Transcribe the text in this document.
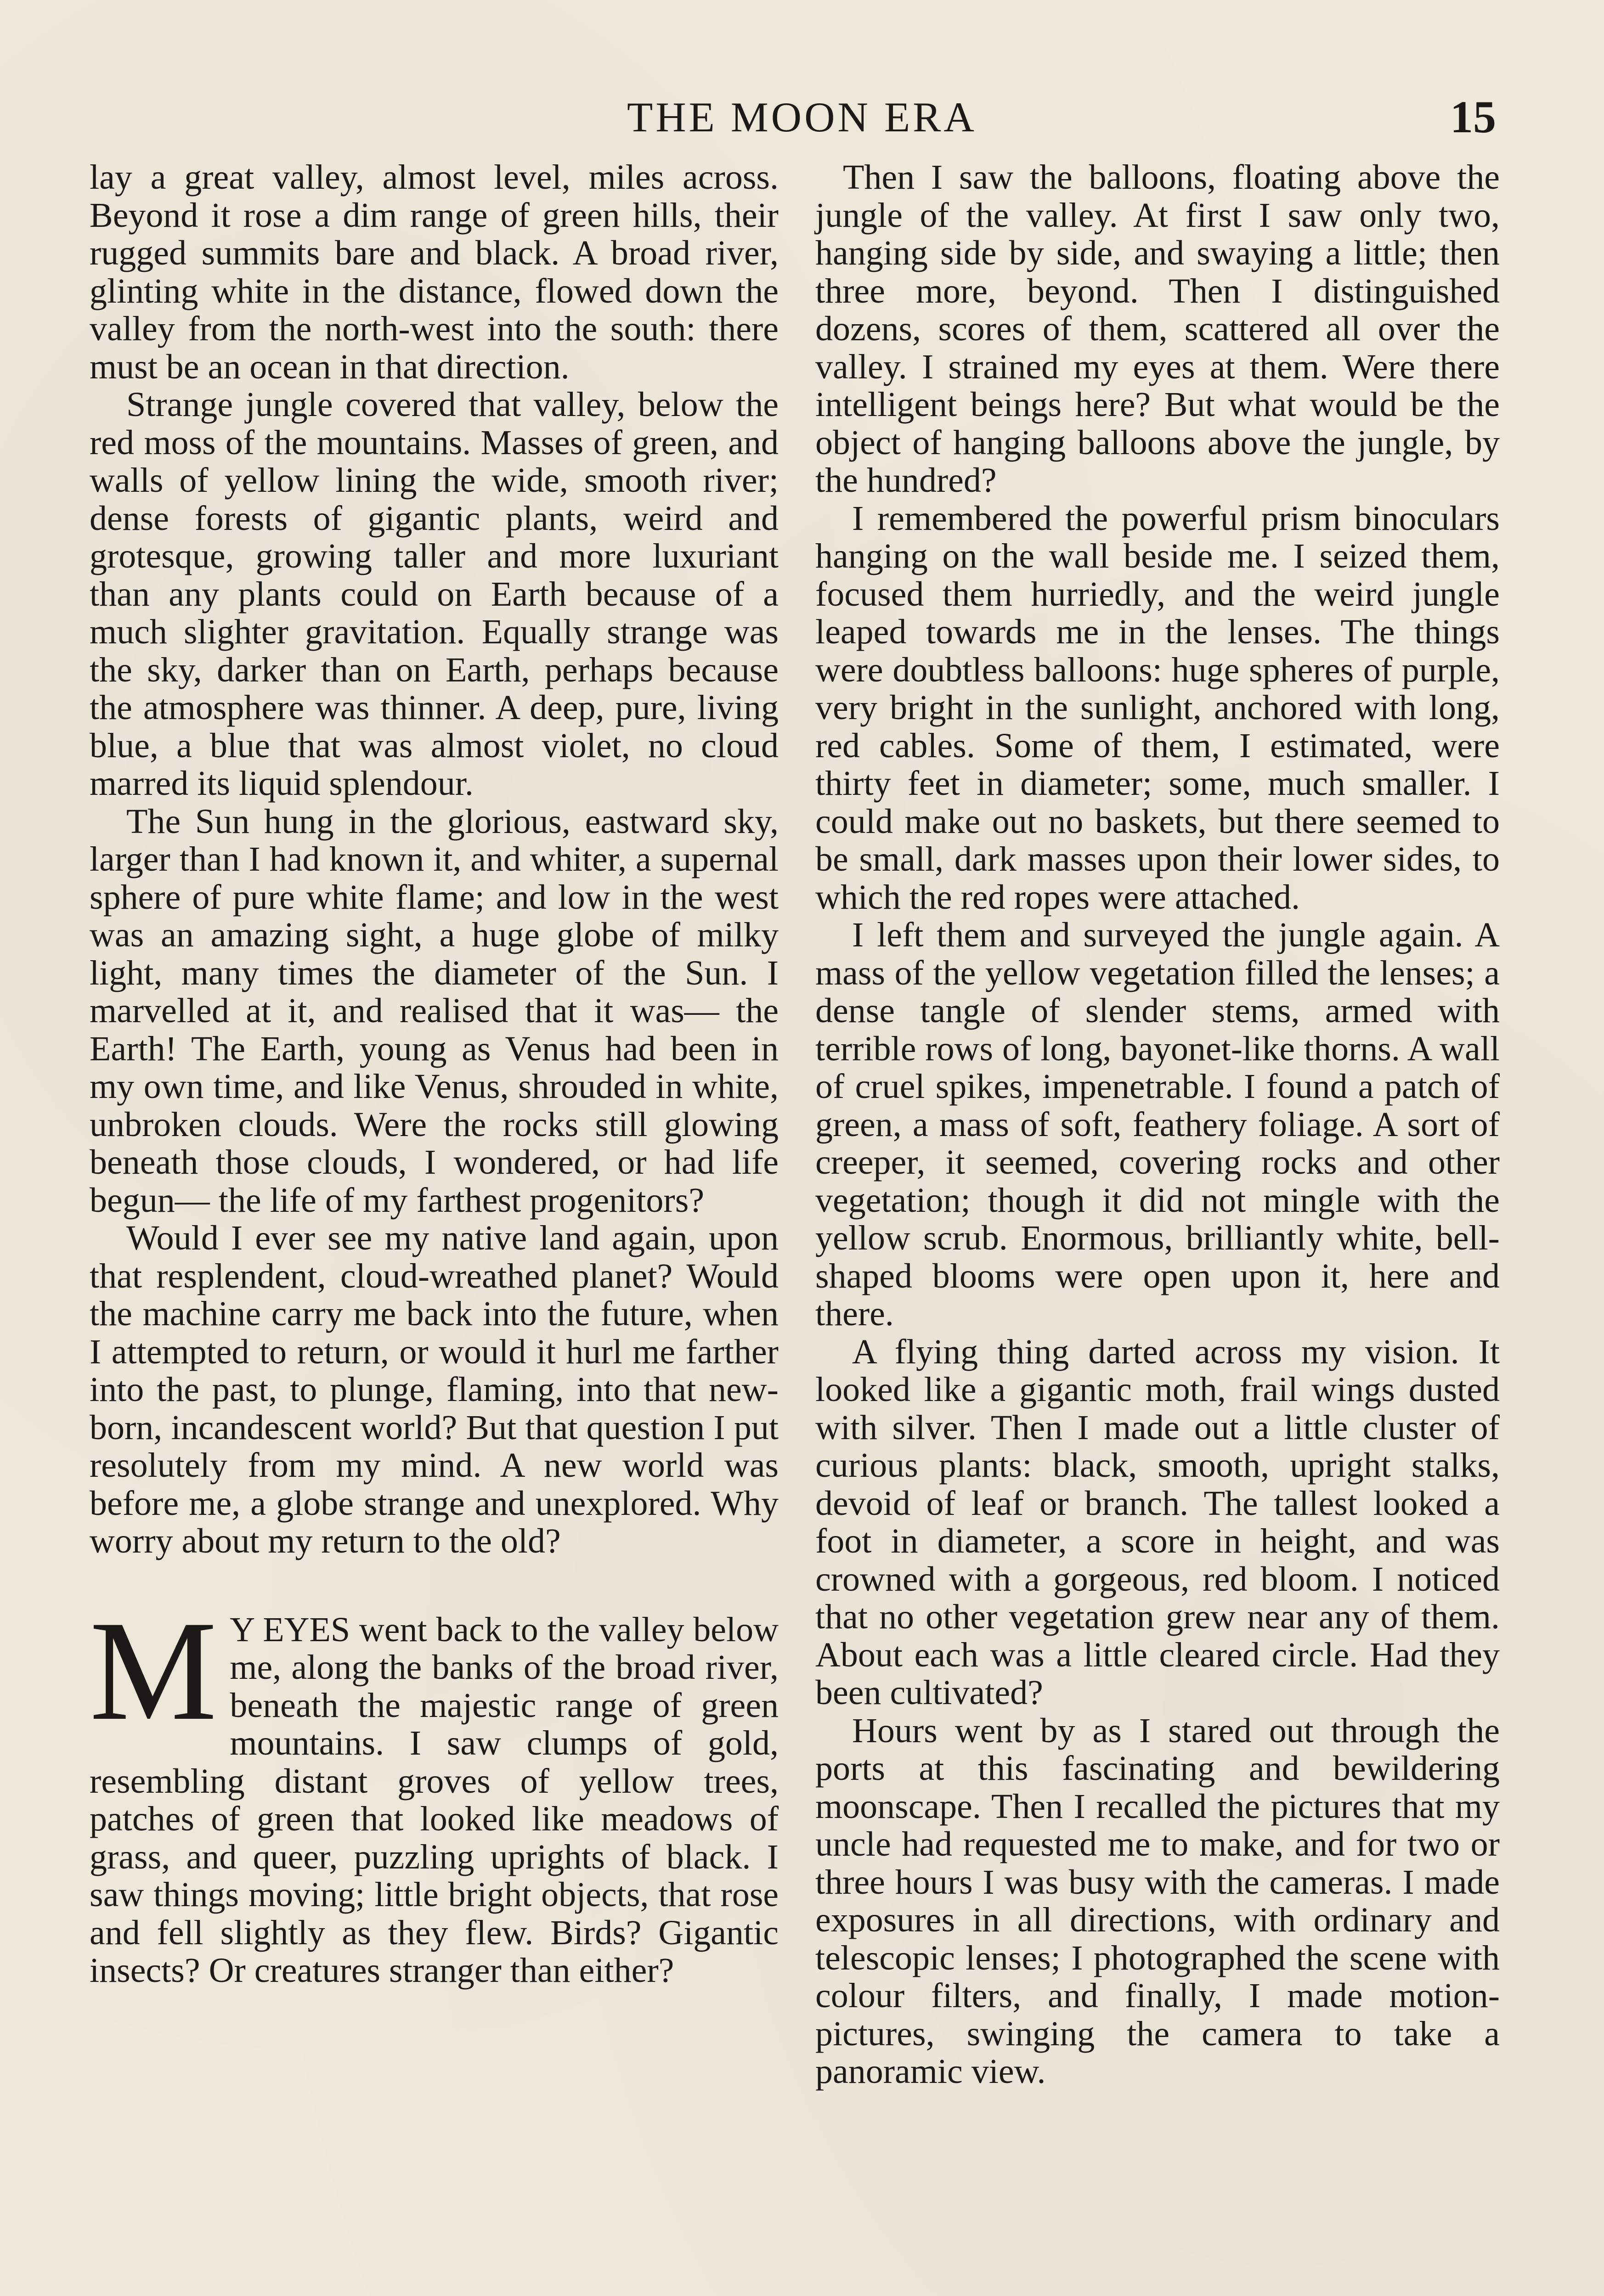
THE MOON ERA	15

lay a great valley, almost level, miles across. Beyond it rose a dim range of green hills, their rugged summits bare and black. A broad river, glinting white in the distance, flowed down the valley from the north-west into the south: there must be an ocean in that direction.

Strange jungle covered that valley, below the red moss of the mountains. Masses of green, and walls of yellow lining the wide, smooth river; dense forests of gigantic plants, weird and grotesque, growing taller and more luxuriant than any plants could on Earth because of a much slighter gravitation. Equally strange was the sky, darker than on Earth, perhaps because the atmosphere was thinner. A deep, pure, living blue, a blue that was almost violet, no cloud marred its liquid splendour.

The Sun hung in the glorious, eastward sky, larger than I had known it, and whiter, a supernal sphere of pure white flame; and low in the west was an amazing sight, a huge globe of milky light, many times the diameter of the Sun. I marvelled at it, and realised that it was— the Earth! The Earth, young as Venus had been in my own time, and like Venus, shrouded in white, unbroken clouds. Were the rocks still glowing beneath those clouds, I wondered, or had life begun— the life of my farthest progenitors?

Would I ever see my native land again, upon that resplendent, cloud-wreathed planet? Would the machine carry me back into the future, when I attempted to return, or would it hurl me farther into the past, to plunge, flaming, into that new-born, incandescent world? But that question I put resolutely from my mind. A new world was before me, a globe strange and unexplored. Why worry about my return to the old?

M Y EYES went back to the valley below me, along the banks of the broad river, beneath the majestic range of green mountains. I saw clumps of gold, resembling distant groves of yellow trees, patches of green that looked like meadows of grass, and queer, puzzling uprights of black. I saw things moving; little bright objects, that rose and fell slightly as they flew. Birds? Gigantic insects? Or creatures stranger than either?

Then I saw the balloons, floating above the jungle of the valley. At first I saw only two, hanging side by side, and swaying a little; then three more, beyond. Then I distinguished dozens, scores of them, scattered all over the valley. I strained my eyes at them. Were there intelligent beings here? But what would be the object of hanging balloons above the jungle, by the hundred?

I remembered the powerful prism binoculars hanging on the wall beside me. I seized them, focused them hurriedly, and the weird jungle leaped towards me in the lenses. The things were doubtless balloons: huge spheres of purple, very bright in the sunlight, anchored with long, red cables. Some of them, I estimated, were thirty feet in diameter; some, much smaller. I could make out no baskets, but there seemed to be small, dark masses upon their lower sides, to which the red ropes were attached.

I left them and surveyed the jungle again. A mass of the yellow vegetation filled the lenses; a dense tangle of slender stems, armed with terrible rows of long, bayonet-like thorns. A wall of cruel spikes, impenetrable. I found a patch of green, a mass of soft, feathery foliage. A sort of creeper, it seemed, covering rocks and other vegetation; though it did not mingle with the yellow scrub. Enormous, brilliantly white, bell-shaped blooms were open upon it, here and there.

A flying thing darted across my vision. It looked like a gigantic moth, frail wings dusted with silver. Then I made out a little cluster of curious plants: black, smooth, upright stalks, devoid of leaf or branch. The tallest looked a foot in diameter, a score in height, and was crowned with a gorgeous, red bloom. I noticed that no other vegetation grew near any of them. About each was a little cleared circle. Had they been cultivated?

Hours went by as I stared out through the ports at this fascinating and bewildering moonscape. Then I recalled the pictures that my uncle had requested me to make, and for two or three hours I was busy with the cameras. I made exposures in all directions, with ordinary and telescopic lenses; I photographed the scene with colour filters, and finally, I made motion-pictures, swinging the camera to take a panoramic view.
